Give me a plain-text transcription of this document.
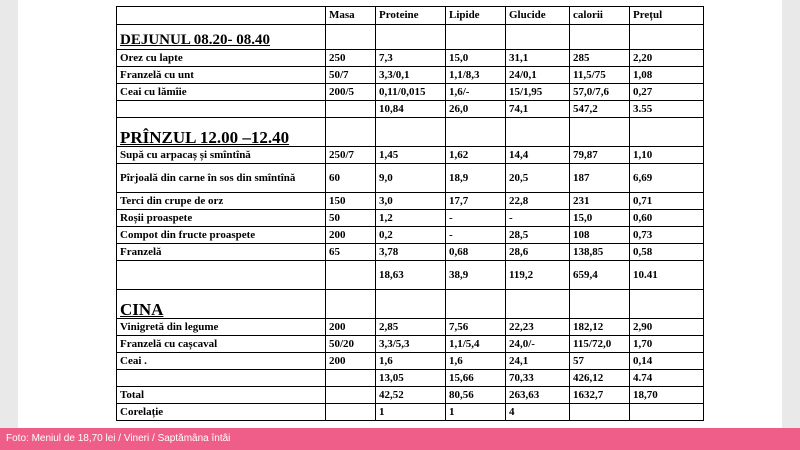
	Masa	Proteine	Lipide	Glucide	calorii	Prețul
DEJUNUL 08.20- 08.40						
Orez cu lapte	250	7,3	15,0	31,1	285	2,20
Franzelă cu unt	50/7	3,3/0,1	1,1/8,3	24/0,1	11,5/75	1,08
Ceai cu lămîie	200/5	0,11/0,015	1,6/-	15/1,95	57,0/7,6	0,27
		10,84	26,0	74,1	547,2	3.55
PRÎNZUL 12.00 –12.40						
Supă cu arpacaș și smîntînă	250/7	1,45	1,62	14,4	79,87	1,10
Pîrjoală din carne în sos din smîntînă	60	9,0	18,9	20,5	187	6,69
Terci din crupe de orz	150	3,0	17,7	22,8	231	0,71
Roșii proaspete	50	1,2	-	-	15,0	0,60
Compot din fructe proaspete	200	0,2	-	28,5	108	0,73
Franzelă	65	3,78	0,68	28,6	138,85	0,58
		18,63	38,9	119,2	659,4	10.41
CINA						
Vinigretă din legume	200	2,85	7,56	22,23	182,12	2,90
Franzelă cu cașcaval	50/20	3,3/5,3	1,1/5,4	24,0/-	115/72,0	1,70
Ceai .	200	1,6	1,6	24,1	57	0,14
		13,05	15,66	70,33	426,12	4.74
Total		42,52	80,56	263,63	1632,7	18,70
Corelație		1	1	4		
Foto: Meniul de 18,70 lei / Vineri / Saptămâna întâi
